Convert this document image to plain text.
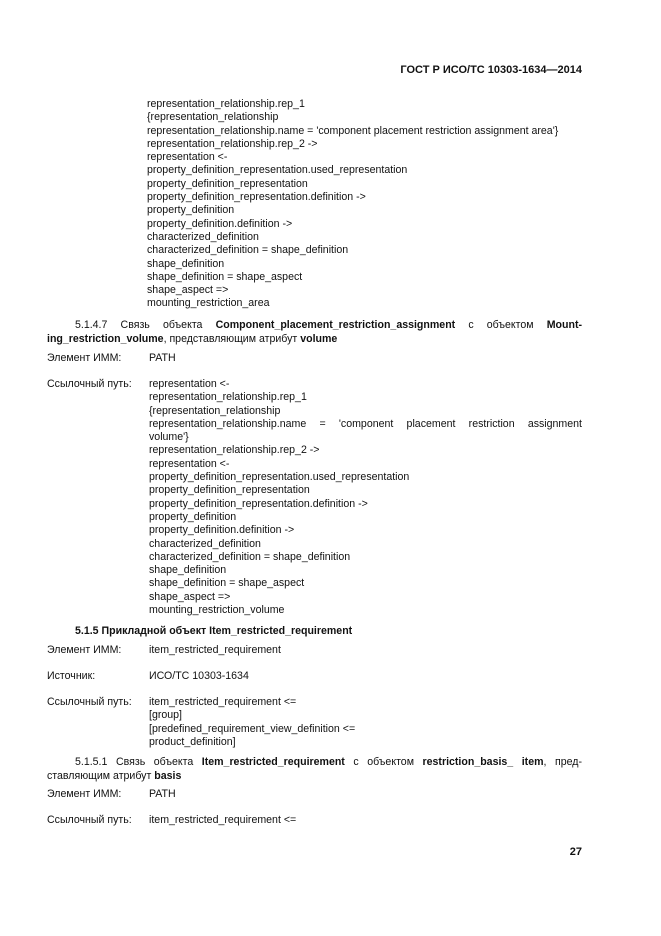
ГОСТ Р ИСО/ТС 10303-1634—2014
representation_relationship.rep_1
{representation_relationship
representation_relationship.name = 'component placement restriction assignment area'}
representation_relationship.rep_2 ->
representation <-
property_definition_representation.used_representation
property_definition_representation
property_definition_representation.definition ->
property_definition
property_definition.definition ->
characterized_definition
characterized_definition = shape_definition
shape_definition
shape_definition = shape_aspect
shape_aspect =>
mounting_restriction_area
5.1.4.7 Связь объекта Component_placement_restriction_assignment с объектом Mount-ing_restriction_volume, представляющим атрибут volume
Элемент ИММ:	PATH
Ссылочный путь: representation <-
representation_relationship.rep_1
{representation_relationship
representation_relationship.name = 'component placement restriction assignment
volume'}
representation_relationship.rep_2 ->
representation <-
property_definition_representation.used_representation
property_definition_representation
property_definition_representation.definition ->
property_definition
property_definition.definition ->
characterized_definition
characterized_definition = shape_definition
shape_definition
shape_definition = shape_aspect
shape_aspect =>
mounting_restriction_volume
5.1.5 Прикладной объект Item_restricted_requirement
Элемент ИММ:	item_restricted_requirement
Источник:	ИСО/ТС 10303-1634
Ссылочный путь: item_restricted_requirement <=
[group]
[predefined_requirement_view_definition <=
product_definition]
5.1.5.1 Связь объекта Item_restricted_requirement с объектом restriction_basis_ item, пред-ставляющим атрибут basis
Элемент ИММ:	PATH
Ссылочный путь: item_restricted_requirement <=
27
